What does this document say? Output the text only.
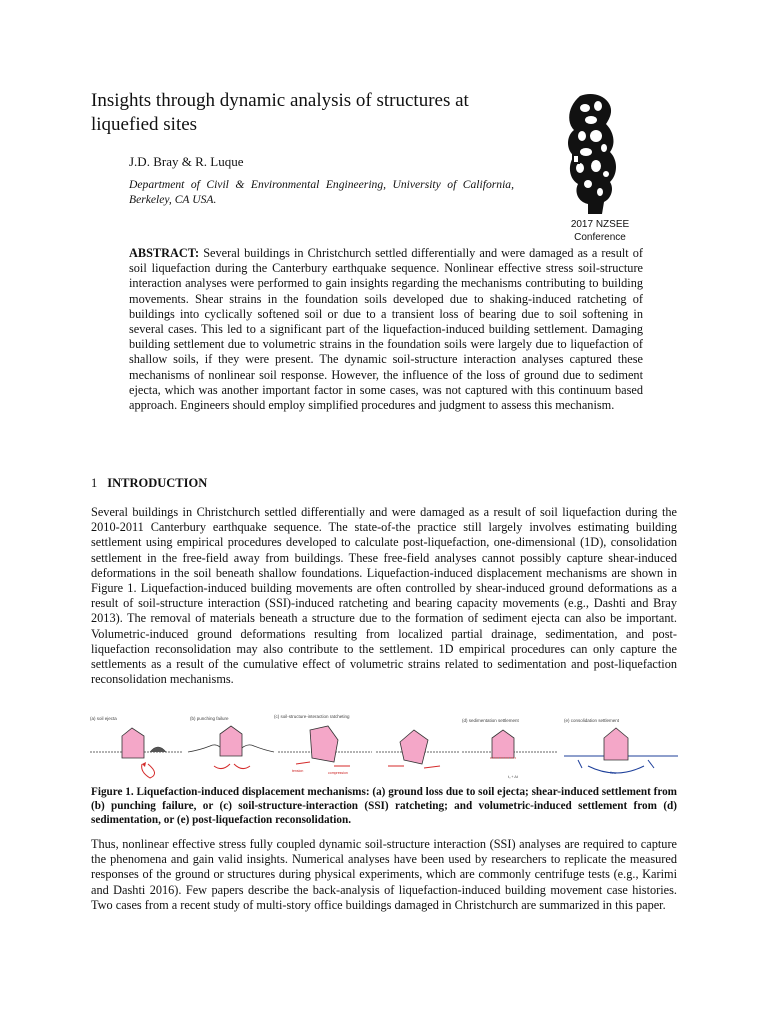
Insights through dynamic analysis of structures at liquefied sites
J.D. Bray & R. Luque
Department of Civil & Environmental Engineering, University of California, Berkeley, CA USA.
2017 NZSEE
Conference
ABSTRACT: Several buildings in Christchurch settled differentially and were damaged as a result of soil liquefaction during the Canterbury earthquake sequence. Nonlinear effective stress soil-structure interaction analyses were performed to gain insights regarding the mechanisms contributing to building movements. Shear strains in the foundation soils developed due to shaking-induced ratcheting of buildings into cyclically softened soil or due to a transient loss of bearing due to soil softening in several cases. This led to a significant part of the liquefaction-induced building settlement. Damaging building settlement due to volumetric strains in the foundation soils were largely due to liquefaction of shallow soils, if they were present. The dynamic soil-structure interaction analyses captured these mechanisms of nonlinear soil response. However, the influence of the loss of ground due to sediment ejecta, which was another important factor in some cases, was not captured with this continuum based approach. Engineers should employ simplified procedures and judgment to assess this mechanism.
1 INTRODUCTION
Several buildings in Christchurch settled differentially and were damaged as a result of soil liquefaction during the 2010-2011 Canterbury earthquake sequence. The state-of-the practice still largely involves estimating building settlement using empirical procedures developed to calculate post-liquefaction, one-dimensional (1D), consolidation settlement in the free-field away from buildings. These free-field analyses cannot possibly capture shear-induced deformations in the soil beneath shallow foundations. Liquefaction-induced displacement mechanisms are shown in Figure 1. Liquefaction-induced building movements are often controlled by shear-induced ground deformations as a result of soil-structure interaction (SSI)-induced ratcheting and bearing capacity movements (e.g., Dashti and Bray 2013). The removal of materials beneath a structure due to the formation of sediment ejecta can also be important. Volumetric-induced ground deformations resulting from localized partial drainage, sedimentation, and post-liquefaction reconsolidation may also contribute to the settlement. 1D empirical procedures can only capture the settlements as a result of the cumulative effect of volumetric strains related to sedimentation and post-liquefaction reconsolidation mechanisms.
(a) soil ejecta	(b) punching failure	(c) soil-structure-interaction ratcheting
tension	compression
(d) sedimentation settlement
t₀ + Δt
(e) consolidation settlement
flow
Figure 1. Liquefaction-induced displacement mechanisms: (a) ground loss due to soil ejecta; shear-induced settlement from (b) punching failure, or (c) soil-structure-interaction (SSI) ratcheting; and volumetric-induced settlement from (d) sedimentation, or (e) post-liquefaction reconsolidation.
Thus, nonlinear effective stress fully coupled dynamic soil-structure interaction (SSI) analyses are required to capture the phenomena and gain valid insights. Numerical analyses have been used by researchers to replicate the measured responses of the ground or structures during physical experiments, which are commonly centrifuge tests (e.g., Karimi and Dashti 2016). Few papers describe the back-analysis of liquefaction-induced building movement case histories. Two cases from a recent study of multi-story office buildings damaged in Christchurch are summarized in this paper.
